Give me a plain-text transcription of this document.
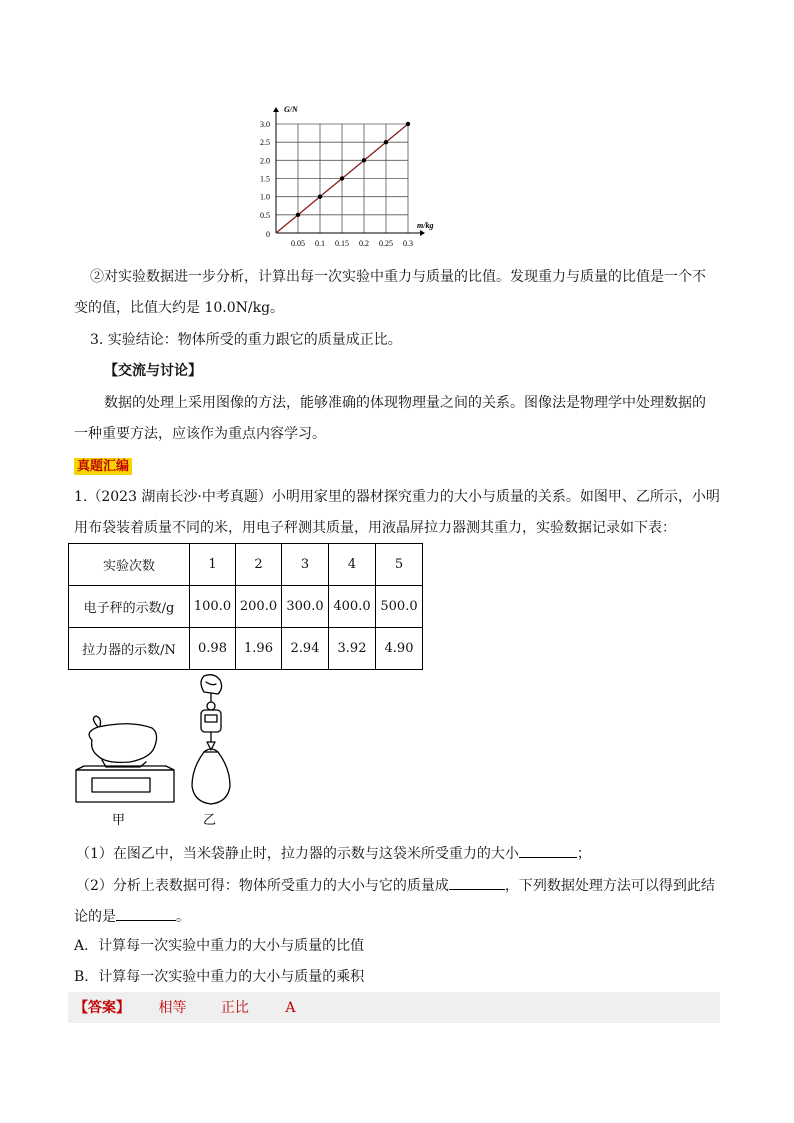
0.05 0.1 0.15 0.2 0.25 0.3
0.5
1.0
1.5
2.0
2.5
3.0
G/N
m/kg
0
②对实验数据进一步分析，计算出每一次实验中重力与质量的比值。发现重力与质量的比值是一个不
变的值，比值大约是 10.0N/kg。
3. 实验结论：物体所受的重力跟它的质量成正比。
【交流与讨论】
数据的处理上采用图像的方法，能够准确的体现物理量之间的关系。图像法是物理学中处理数据的
一种重要方法，应该作为重点内容学习。
真题汇编
1.（2023 湖南长沙·中考真题）小明用家里的器材探究重力的大小与质量的关系。如图甲、乙所示，小明
用布袋装着质量不同的米，用电子秤测其质量，用液晶屏拉力器测其重力，实验数据记录如下表：
实验次数	1	2	3	4	5
电子秤的示数/g	100.0	200.0	300.0	400.0	500.0
拉力器的示数/N	0.98	1.96	2.94	3.92	4.90
甲	乙
（1）在图乙中，当米袋静止时，拉力器的示数与这袋米所受重力的大小	；
（2）分析上表数据可得：物体所受重力的大小与它的质量成	，下列数据处理方法可以得到此结
论的是	。
A．计算每一次实验中重力的大小与质量的比值
B．计算每一次实验中重力的大小与质量的乘积
【答案】 相等 正比	A
